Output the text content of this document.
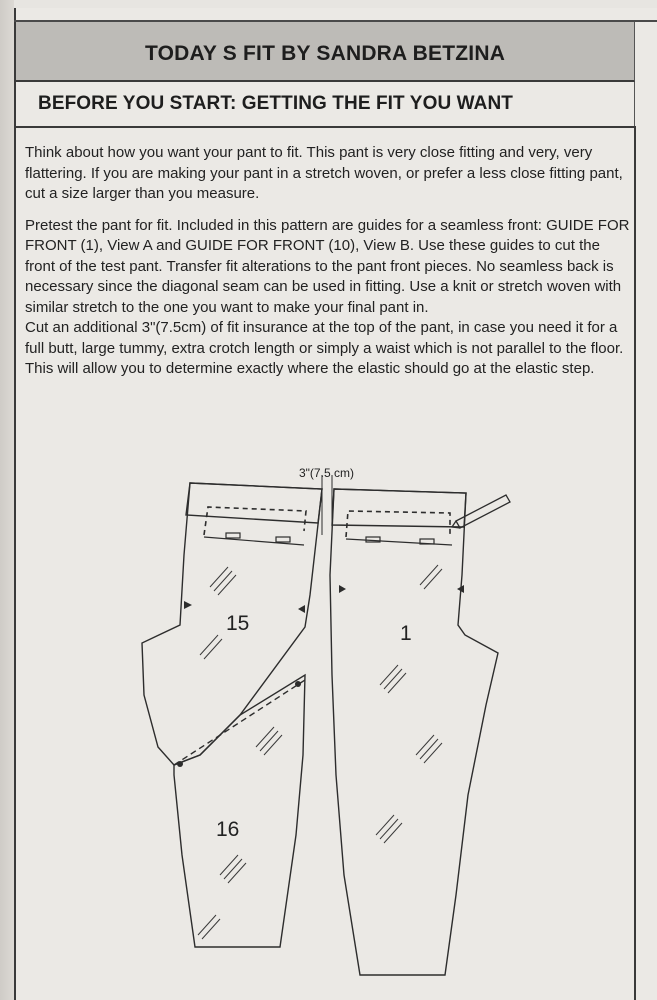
TODAY S FIT BY SANDRA BETZINA
BEFORE YOU START: GETTING THE FIT YOU WANT

Think about how you want your pant to fit. This pant is very close fitting and very, very flattering. If you are making your pant in a stretch woven, or prefer a less close fitting pant, cut a size larger than you measure.

Pretest the pant for fit. Included in this pattern are guides for a seamless front: GUIDE FOR FRONT (1), View A and GUIDE FOR FRONT (10), View B. Use these guides to cut the front of the test pant. Transfer fit alterations to the pant front pieces. No seamless back is necessary since the diagonal seam can be used in fitting. Use a knit or stretch woven with similar stretch to the one you want to make your final pant in.

Cut an additional 3"(7.5cm) of fit insurance at the top of the pant, in case you need it for a full butt, large tummy, extra crotch length or simply a waist which is not parallel to the floor. This will allow you to determine exactly where the elastic should go at the elastic step.

3"(7.5 cm)
15	1
16
